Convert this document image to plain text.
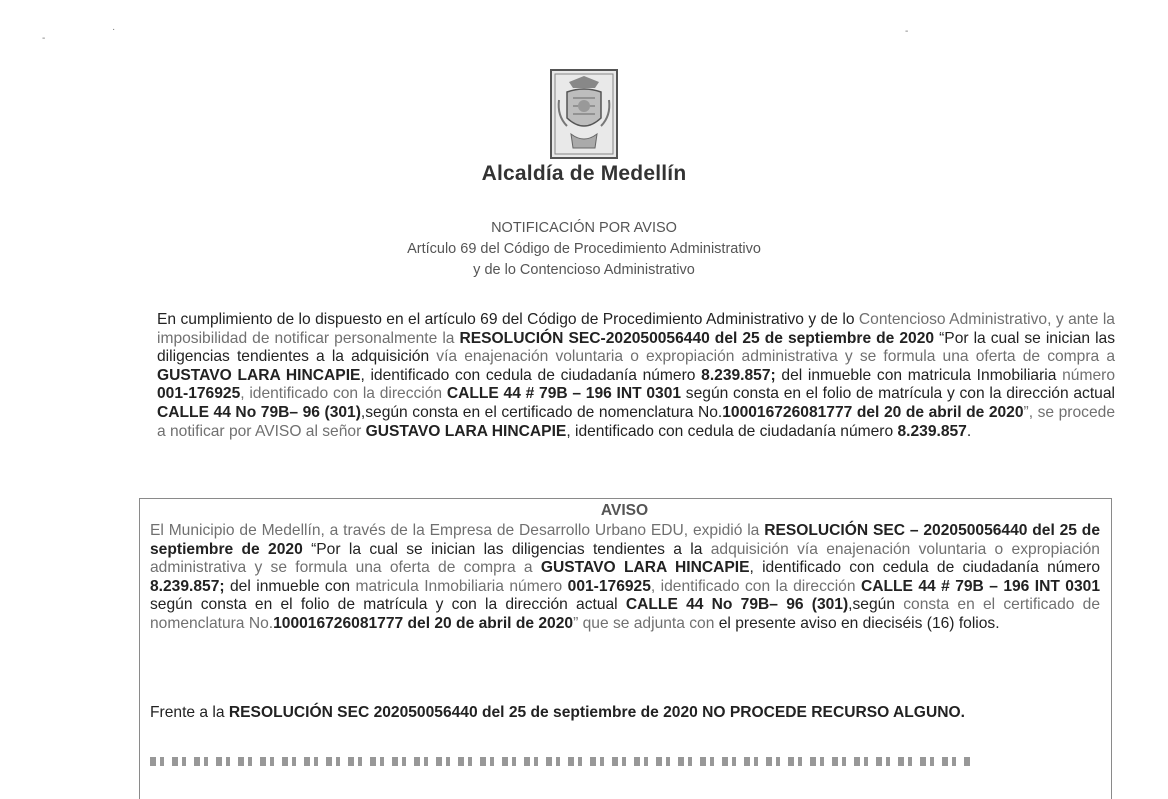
-
·	-
Alcaldía de Medellín
NOTIFICACIÓN POR AVISO
Artículo 69 del Código de Procedimiento Administrativo
y de lo Contencioso Administrativo
En cumplimiento de lo dispuesto en el artículo 69 del Código de Procedimiento Administrativo y de lo Contencioso Administrativo, y ante la imposibilidad de notificar personalmente la RESOLUCIÓN SEC-202050056440 del 25 de septiembre de 2020 “Por la cual se inician las diligencias tendientes a la adquisición vía enajenación voluntaria o expropiación administrativa y se formula una oferta de compra a GUSTAVO LARA HINCAPIE, identificado con cedula de ciudadanía número 8.239.857; del inmueble con matricula Inmobiliaria número 001-176925, identificado con la dirección CALLE 44 # 79B – 196 INT 0301 según consta en el folio de matrícula y con la dirección actual CALLE 44 No 79B– 96 (301),según consta en el certificado de nomenclatura No.100016726081777 del 20 de abril de 2020”, se procede a notificar por AVISO al señor GUSTAVO LARA HINCAPIE, identificado con cedula de ciudadanía número 8.239.857.
AVISO
El Municipio de Medellín, a través de la Empresa de Desarrollo Urbano EDU, expidió la RESOLUCIÓN SEC – 202050056440 del 25 de septiembre de 2020 “Por la cual se inician las diligencias tendientes a la adquisición vía enajenación voluntaria o expropiación administrativa y se formula una oferta de compra a GUSTAVO LARA HINCAPIE, identificado con cedula de ciudadanía número 8.239.857; del inmueble con matricula Inmobiliaria número 001-176925, identificado con la dirección CALLE 44 # 79B – 196 INT 0301 según consta en el folio de matrícula y con la dirección actual CALLE 44 No 79B– 96 (301),según consta en el certificado de nomenclatura No.100016726081777 del 20 de abril de 2020” que se adjunta con el presente aviso en dieciséis (16) folios.
Frente a la RESOLUCIÓN SEC 202050056440 del 25 de septiembre de 2020 NO PROCEDE RECURSO ALGUNO.
